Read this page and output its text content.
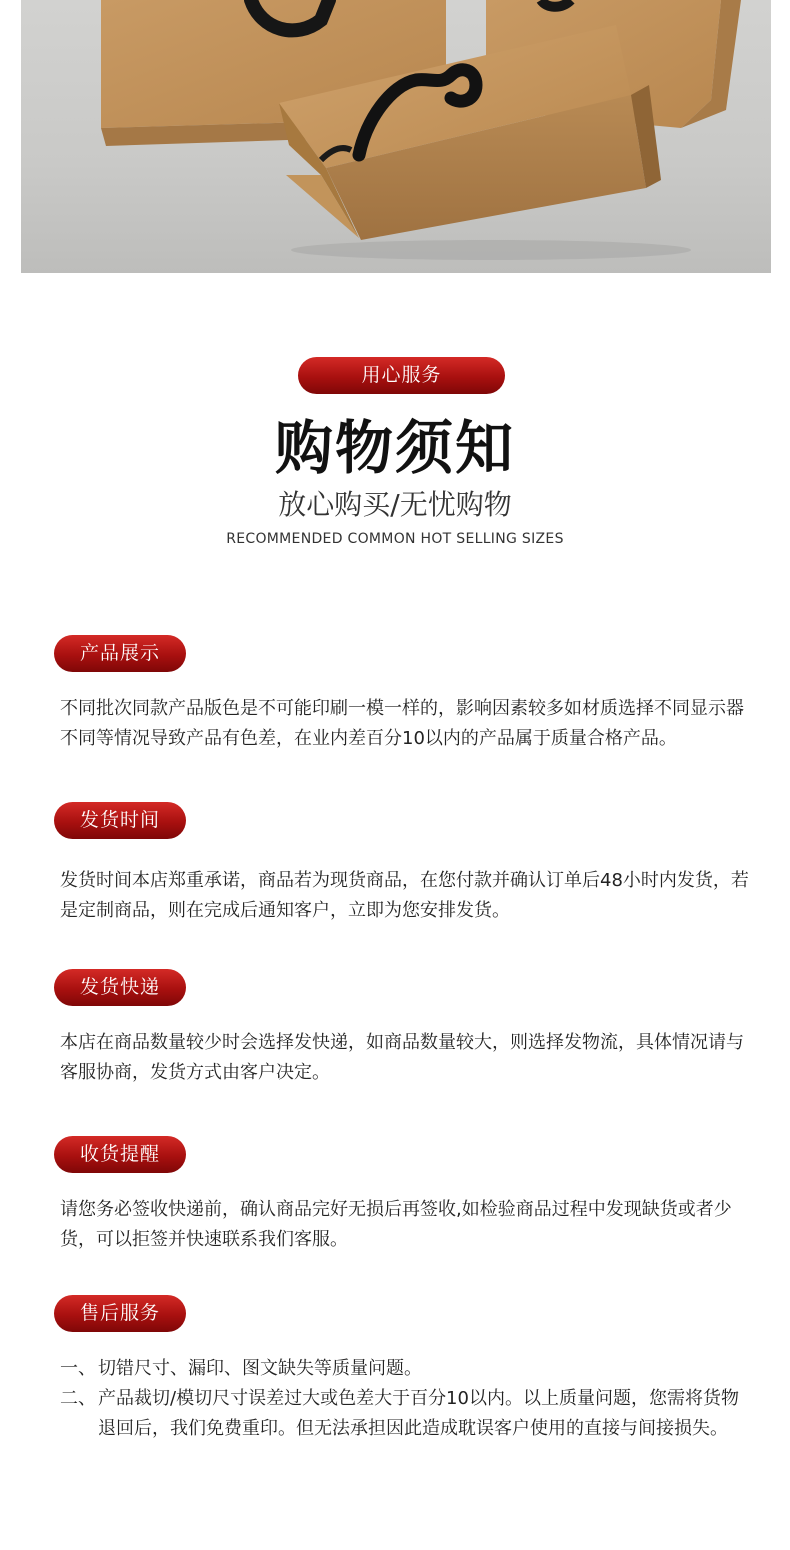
用心服务
购物须知
放心购买/无忧购物
RECOMMENDED COMMON HOT SELLING SIZES
产品展示

不同批次同款产品版色是不可能印刷一模一样的，影响因素较多如材质选择不同显示器不同等情况导致产品有色差，在业内差百分10以内的产品属于质量合格产品。

发货时间

发货时间本店郑重承诺，商品若为现货商品，在您付款并确认订单后48小时内发货，若是定制商品，则在完成后通知客户，立即为您安排发货。

发货快递

本店在商品数量较少时会选择发快递，如商品数量较大，则选择发物流，具体情况请与客服协商，发货方式由客户决定。

收货提醒

请您务必签收快递前，确认商品完好无损后再签收,如检验商品过程中发现缺货或者少货，可以拒签并快速联系我们客服。

售后服务
一、 切错尺寸、漏印、图文缺失等质量问题。
二、 产品裁切/模切尺寸误差过大或色差大于百分10以内。以上质量问题，您需将货物退回后，我们免费重印。但无法承担因此造成耽误客户使用的直接与间接损失。
